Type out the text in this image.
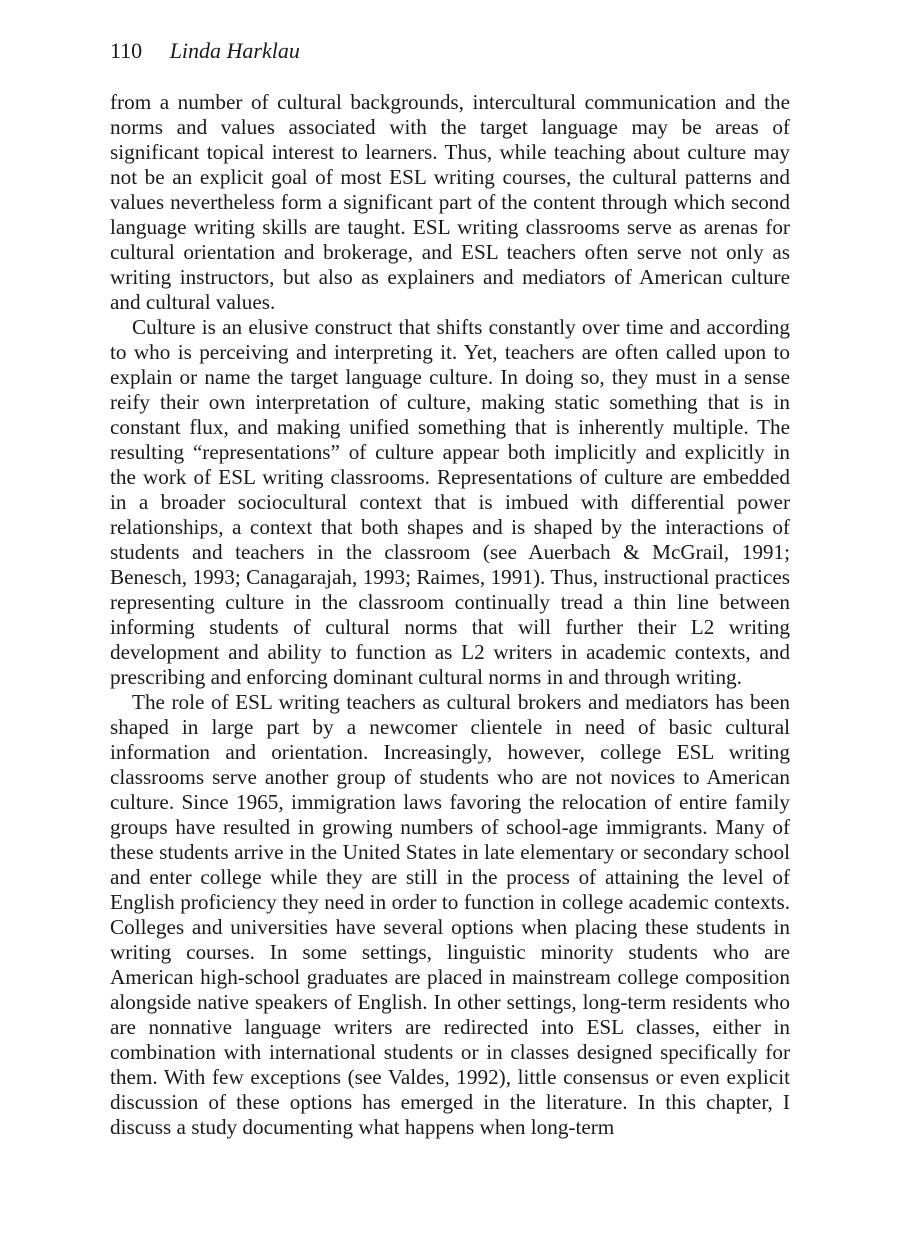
110 Linda Harklau

from a number of cultural backgrounds, intercultural communication and the norms and values associated with the target language may be areas of significant topical interest to learners. Thus, while teaching about culture may not be an explicit goal of most ESL writing courses, the cultural patterns and values nevertheless form a significant part of the content through which second language writing skills are taught. ESL writing classrooms serve as arenas for cultural orientation and brokerage, and ESL teachers often serve not only as writing instructors, but also as explainers and mediators of American culture and cultural values.

Culture is an elusive construct that shifts constantly over time and according to who is perceiving and interpreting it. Yet, teachers are often called upon to explain or name the target language culture. In doing so, they must in a sense reify their own interpretation of culture, making static something that is in constant flux, and making unified something that is inherently multiple. The resulting “representations” of culture appear both implicitly and explicitly in the work of ESL writing classrooms. Representations of culture are embedded in a broader sociocultural context that is imbued with differential power relationships, a context that both shapes and is shaped by the interactions of students and teachers in the classroom (see Auerbach & McGrail, 1991; Benesch, 1993; Canagarajah, 1993; Raimes, 1991). Thus, instructional practices representing culture in the classroom continually tread a thin line between informing students of cultural norms that will further their L2 writing development and ability to function as L2 writers in academic contexts, and prescribing and enforcing dominant cultural norms in and through writing.

The role of ESL writing teachers as cultural brokers and mediators has been shaped in large part by a newcomer clientele in need of basic cultural information and orientation. Increasingly, however, college ESL writing classrooms serve another group of students who are not novices to American culture. Since 1965, immigration laws favoring the relocation of entire family groups have resulted in growing numbers of school-age immigrants. Many of these students arrive in the United States in late elementary or secondary school and enter college while they are still in the process of attaining the level of English proficiency they need in order to function in college academic contexts. Colleges and universities have several options when placing these students in writing courses. In some settings, linguistic minority students who are American high-school graduates are placed in mainstream college composition alongside native speakers of English. In other settings, long-term residents who are nonnative language writers are redirected into ESL classes, either in combination with international students or in classes designed specifically for them. With few exceptions (see Valdes, 1992), little consensus or even explicit discussion of these options has emerged in the literature. In this chapter, I discuss a study documenting what happens when long-term
